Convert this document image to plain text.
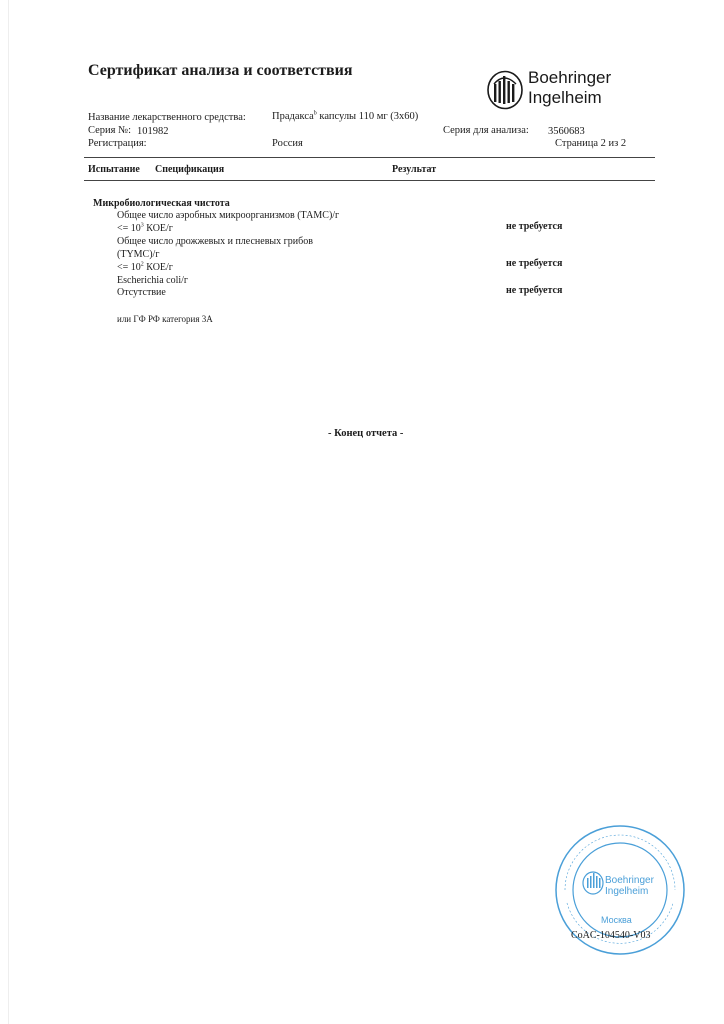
Сертификат анализа и соответствия	Boehringer
Ingelheim
Название лекарственного средства: Прадакса$^b$ капсулы 110 мг (3x60)
Серия №: 101982	Серия для анализа: 3560683
Регистрация:	Россия	Страница 2 из 2
Испытание Спецификация	Результат
Микробиологическая чистота
Общее число аэробных микроорганизмов (ТАМС)/г
<= $10^3$ КОЕ/г	не требуется
Общее число дрожжевых и плесневых грибов
(TYMC)/г
<= $10^2$ КОЕ/г	не требуется
Escherichia coli/г
Отсутствие	не требуется
или ГФ РФ категория 3А
- Конец отчета -
Boehringer
Ingelheim
Москва
CoAC-104540-V03
